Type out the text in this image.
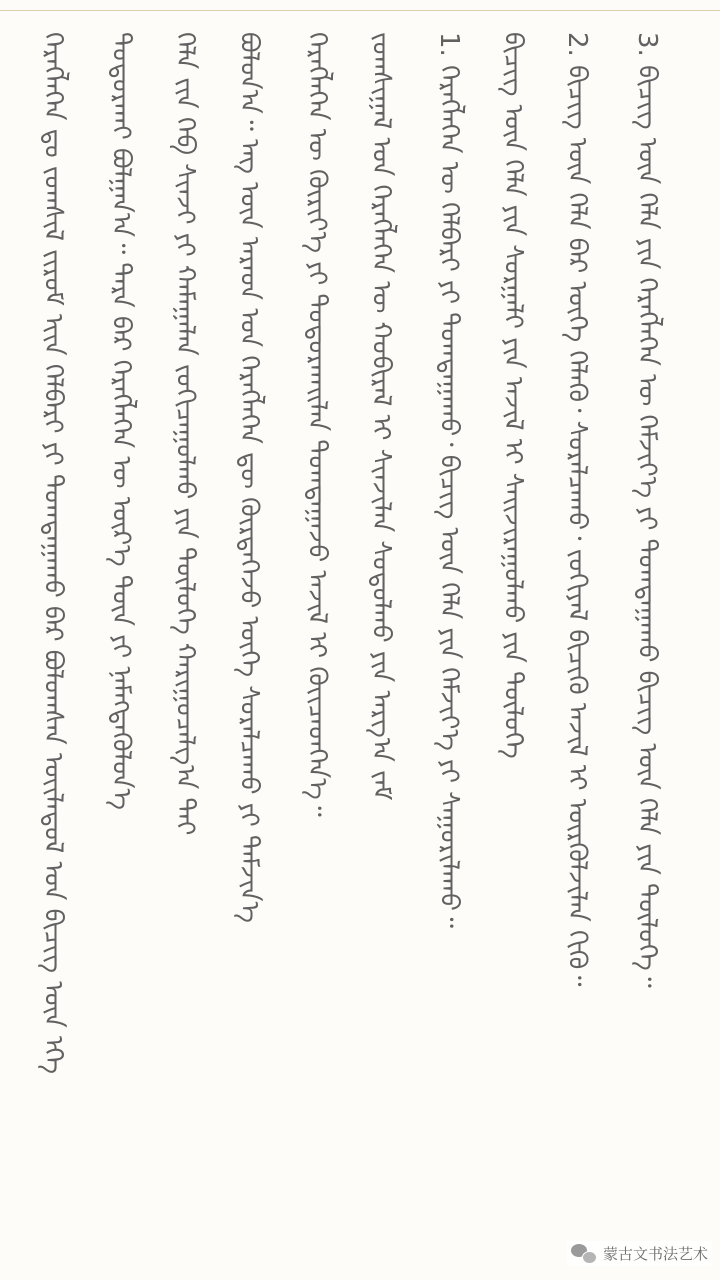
ᠬᠡᠷᠡᠭᠯᠡᠭᠡᠨ ᠳᠤ ᠵᠤᠭᠰᠢᠯ ᠵᠢᠷᠤᠮ ᠢᠢᠨ ᠬᠡᠯᠪᠡᠷᠢ ᠶᠢ ᠲᠣᠭᠲᠠᠭᠠᠬᠤ ᠪᠠᠷ ᠪᠤᠯᠤᠭᠰᠠᠨ ᠦᠢᠯᠡᠳᠦᠯ ᠤᠨ ᠪᠢᠴᠢᠭ ᠦᠨ ᠡᠬᠡ ᠲᠣᠳᠤᠷᠬᠠᠢ ᠪᠣᠯᠭᠠᠨ᠎ᠠ᠃ ᠲᠡᠷᠡ ᠪᠡᠷ ᠬᠡᠷᠡᠭᠯᠡᠭᠡᠨ ᠦ ᠦᠷ᠎ᠡ ᠳᠦᠨ ᠶᠢ ᠨᠡᠮᠡᠭᠳᠡᠭᠦᠯᠦᠨ᠎ᠡ ᠬᠡᠯᠡ ᠵᠢᠨ ᠬᠡᠪ ᠰᠢᠨᠵᠢ ᠶᠢ ᠬᠠᠮᠠᠭᠠᠯᠠᠨ ᠵᠣᠬᠢᠴᠠᠭᠤᠯᠬᠤ ᠶᠢᠨ ᠲᠥᠯᠦᠭᠡ ᠬᠠᠷᠢᠭᠤᠴᠠᠯᠭ᠎ᠠ ᠲᠠᠢ ᠪᠣᠯᠤᠨ᠎ᠠ᠃ ᠡᠩ ᠦᠨ ᠠᠷᠠᠳ ᠤᠨ ᠬᠡᠷᠡᠭᠯᠡᠭᠡᠨ ᠳᠦ ᠬᠦᠷᠳᠡᠭᠡᠵᠦ ᠦᠭᠡ ᠰᠤᠷᠠᠯᠴᠠᠬᠤ ᠶᠢ ᠳᠡᠮᠵᠢᠨ᠎ᠡ ᠬᠡᠷᠡᠭᠯᠡᠭᠡᠨ ᠦ ᠬᠦᠷᠢᠶ᠎ᠡ ᠶᠢ ᠲᠤᠳᠤᠷᠬᠠᠢᠯᠠᠨ ᠲᠣᠭᠲᠠᠭᠠᠵᠤ ᠠᠵᠢᠯ ᠢ ᠭᠦᠢᠴᠡᠳᠬᠡᠨ᠎ᠡ᠃ ᠵᠤᠭᠰᠢᠭᠠᠯ ᠤᠨ ᠬᠡᠷᠡᠭᠯᠡᠭᠡᠨ ᠦ ᠬᠤᠪᠢᠷᠠᠯ ᠢ ᠰᠢᠨᠵᠢᠯᠡᠨ ᠰᠤᠳᠤᠯᠬᠤ ᠶᠢᠨ ᠠᠷᠭ᠎ᠠ ᠵᠠᠮ 1. ᠬᠡᠷᠡᠭᠯᠡᠭᠡᠨ ᠦ ᠬᠡᠯᠪᠡᠷᠢ ᠶᠢ ᠲᠣᠭᠲᠠᠭᠠᠬᠤ᠂ ᠪᠢᠴᠢᠭ ᠦᠨ ᠬᠡᠯᠡ ᠶᠢᠨ ᠬᠡᠮᠵᠢᠶ᠎ᠡ ᠶᠢ ᠰᠠᠭᠤᠷᠢᠯᠠᠬᠤ᠃ ᠪᠢᠴᠢᠭ ᠦᠨ ᠬᠡᠯᠡ ᠶᠢᠨ ᠰᠤᠷᠭᠠᠯᠢ ᠶᠢᠨ ᠠᠵᠢᠯ ᠢ ᠰᠠᠢᠵᠢᠷᠠᠭᠤᠯᠬᠤ ᠶᠢᠨ ᠲᠥᠯᠦᠭᠡ 2. ᠪᠢᠴᠢᠭ ᠦᠨ ᠬᠡᠯᠡ ᠪᠡᠷ ᠦᠭᠡ ᠬᠡᠯᠡᠬᠦ᠂ ᠰᠤᠷᠠᠯᠴᠠᠬᠤ᠂ ᠵᠣᠬᠢᠶᠠᠯ ᠪᠢᠴᠢᠬᠦ ᠠᠵᠢᠯ ᠢ ᠦᠷᠭᠦᠯᠵᠢᠯᠡᠨ ᠬᠢᠬᠦ᠃ 3. ᠪᠢᠴᠢᠭ ᠦᠨ ᠬᠡᠯᠡ ᠶᠢᠨ ᠬᠡᠷᠡᠭᠯᠡᠭᠡᠨ ᠦ ᠬᠡᠮᠵᠢᠶ᠎ᠡ ᠶᠢ ᠲᠣᠭᠲᠠᠭᠠᠬᠤ ᠪᠢᠴᠢᠭ ᠦᠨ ᠬᠡᠯᠡ ᠶᠢᠨ ᠲᠥᠯᠦᠭᠡ᠃
蒙古文书法艺术
